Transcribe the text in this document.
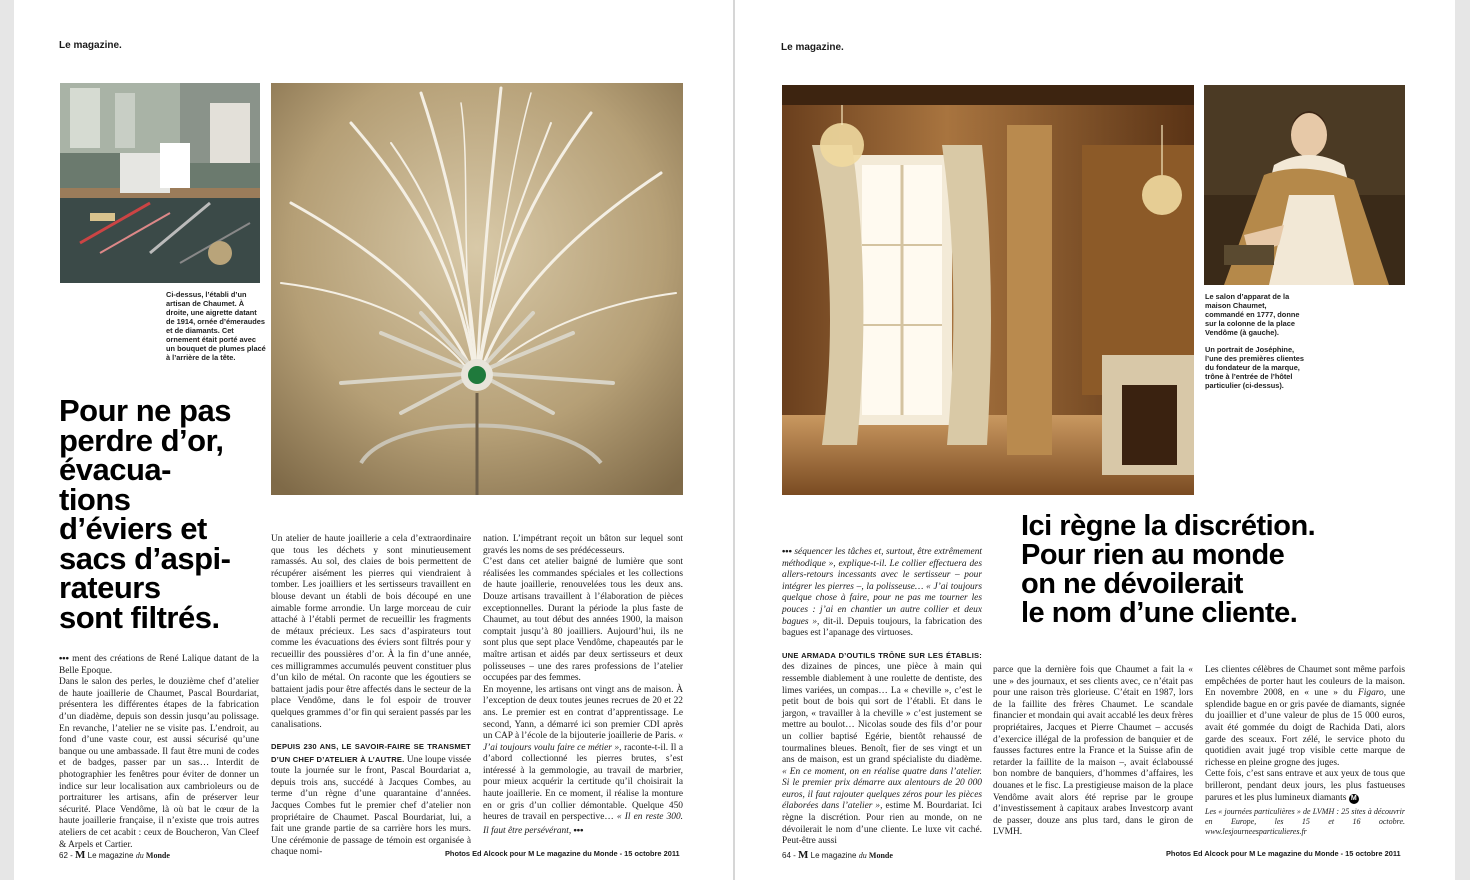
Le magazine.
Ci-dessus, l’établi d’un artisan de Chaumet. À droite, une aigrette datant de 1914, ornée d’émeraudes et de diamants. Cet ornement était porté avec un bouquet de plumes placé à l’arrière de la tête.
Pour ne pas
perdre d’or,
évacua-
tions
d’éviers et
sacs d’aspi-
rateurs
sont filtrés.

••• ment des créations de René Lalique datant de la Belle Epoque.

Dans le salon des perles, le douzième chef d’atelier de haute joaillerie de Chaumet, Pascal Bourdariat, présentera les différentes étapes de la fabrication d’un diadème, depuis son dessin jusqu’au polissage. En revanche, l’atelier ne se visite pas. L’endroit, au fond d’une vaste cour, est aussi sécurisé qu’une banque ou une ambassade. Il faut être muni de codes et de badges, passer par un sas… Interdit de photographier les fenêtres pour éviter de donner un indice sur leur localisation aux cambrioleurs ou de portraiturer les artisans, afin de préserver leur sécurité. Place Vendôme, là où bat le cœur de la haute joaillerie française, il n’existe que trois autres ateliers de cet acabit : ceux de Boucheron, Van Cleef & Arpels et Cartier.

Un atelier de haute joaillerie a cela d’extraordinaire que tous les déchets y sont minutieusement ramassés. Au sol, des claies de bois permettent de récupérer aisément les pierres qui viendraient à tomber. Les joailliers et les sertisseurs travaillent en blouse devant un établi de bois découpé en une aimable forme arrondie. Un large morceau de cuir attaché à l’établi permet de recueillir les fragments de métaux précieux. Les sacs d’aspirateurs tout comme les évacuations des éviers sont filtrés pour y recueillir des poussières d’or. À la fin d’une année, ces milligrammes accumulés peuvent constituer plus d’un kilo de métal. On raconte que les égoutiers se battaient jadis pour être affectés dans le secteur de la place Vendôme, dans le fol espoir de trouver quelques grammes d’or fin qui seraient passés par les canalisations.

DEPUIS 230 ANS, LE SAVOIR-FAIRE SE TRANSMET D’UN CHEF D’ATELIER À L’AUTRE. Une loupe vissée toute la journée sur le front, Pascal Bourdariat a, depuis trois ans, succédé à Jacques Combes, au terme d’un règne d’une quarantaine d’années. Jacques Combes fut le premier chef d’atelier non propriétaire de Chaumet. Pascal Bourdariat, lui, a fait une grande partie de sa carrière hors les murs. Une cérémonie de passage de témoin est organisée à chaque nomi-

nation. L’impétrant reçoit un bâton sur lequel sont gravés les noms de ses prédécesseurs.

C’est dans cet atelier baigné de lumière que sont réalisées les commandes spéciales et les collections de haute joaillerie, renouvelées tous les deux ans. Douze artisans travaillent à l’élaboration de pièces exceptionnelles. Durant la période la plus faste de Chaumet, au tout début des années 1900, la maison comptait jusqu’à 80 joailliers. Aujourd’hui, ils ne sont plus que sept place Vendôme, chapeautés par le maître artisan et aidés par deux sertisseurs et deux polisseuses – une des rares professions de l’atelier occupées par des femmes.

En moyenne, les artisans ont vingt ans de maison. À l’exception de deux toutes jeunes recrues de 20 et 22 ans. Le premier est en contrat d’apprentissage. Le second, Yann, a démarré ici son premier CDI après un CAP à l’école de la bijouterie joaillerie de Paris. « J’ai toujours voulu faire ce métier », raconte-t-il. Il a d’abord collectionné les pierres brutes, s’est intéressé à la gemmologie, au travail de marbrier, pour mieux acquérir la certitude qu’il choisirait la haute joaillerie. En ce moment, il réalise la monture en or gris d’un collier démontable. Quelque 450 heures de travail en perspective… « Il en reste 300. Il faut être persévérant, •••

62 - M Le magazine du Monde	Photos Ed Alcock pour M Le magazine du Monde - 15 octobre 2011
Le magazine.

Le salon d’apparat de la maison Chaumet, commandé en 1777, donne sur la colonne de la place Vendôme (à gauche).

Un portrait de Joséphine, l’une des premières clientes du fondateur de la marque, trône à l’entrée de l’hôtel particulier (ci-dessus).

Ici règne la discrétion.
Pour rien au monde
on ne dévoilerait
le nom d’une cliente.

••• séquencer les tâches et, surtout, être extrêmement méthodique », explique-t-il. Le collier effectuera des allers-retours incessants avec le sertisseur – pour intégrer les pierres –, la polisseuse… « J’ai toujours quelque chose à faire, pour ne pas me tourner les pouces : j’ai en chantier un autre collier et deux bagues », dit-il. Depuis toujours, la fabrication des bagues est l’apanage des virtuoses.

UNE ARMADA D’OUTILS TRÔNE SUR LES ÉTABLIS: des dizaines de pinces, une pièce à main qui ressemble diablement à une roulette de dentiste, des limes variées, un compas… La « cheville », c’est le petit bout de bois qui sort de l’établi. Et dans le jargon, « travailler à la cheville » c’est justement se mettre au boulot… Nicolas soude des fils d’or pour un collier baptisé Egérie, bientôt rehaussé de tourmalines bleues. Benoît, fier de ses vingt et un ans de maison, est un grand spécialiste du diadème. « En ce moment, on en réalise quatre dans l’atelier. Si le premier prix démarre aux alentours de 20 000 euros, il faut rajouter quelques zéros pour les pièces élaborées dans l’atelier », estime M. Bourdariat. Ici règne la discrétion. Pour rien au monde, on ne dévoilerait le nom d’une cliente. Le luxe vit caché. Peut-être aussi

parce que la dernière fois que Chaumet a fait la « une » des journaux, et ses clients avec, ce n’était pas pour une raison très glorieuse. C’était en 1987, lors de la faillite des frères Chaumet. Le scandale financier et mondain qui avait accablé les deux frères propriétaires, Jacques et Pierre Chaumet – accusés d’exercice illégal de la profession de banquier et de fausses factures entre la France et la Suisse afin de retarder la faillite de la maison –, avait éclaboussé bon nombre de banquiers, d’hommes d’affaires, les douanes et le fisc. La prestigieuse maison de la place Vendôme avait alors été reprise par le groupe d’investissement à capitaux arabes Investcorp avant de passer, douze ans plus tard, dans le giron de LVMH.

Les clientes célèbres de Chaumet sont même parfois empêchées de porter haut les couleurs de la maison. En novembre 2008, en « une » du Figaro, une splendide bague en or gris pavée de diamants, signée du joaillier et d’une valeur de plus de 15 000 euros, avait été gommée du doigt de Rachida Dati, alors garde des sceaux. Fort zélé, le service photo du quotidien avait jugé trop visible cette marque de richesse en pleine grogne des juges.

Cette fois, c’est sans entrave et aux yeux de tous que brilleront, pendant deux jours, les plus fastueuses parures et les plus lumineux diamants M

Les « journées particulières » de LVMH : 25 sites à découvrir en Europe, les 15 et 16 octobre. www.lesjourneesparticulieres.fr

64 - M Le magazine du Monde	Photos Ed Alcock pour M Le magazine du Monde - 15 octobre 2011
